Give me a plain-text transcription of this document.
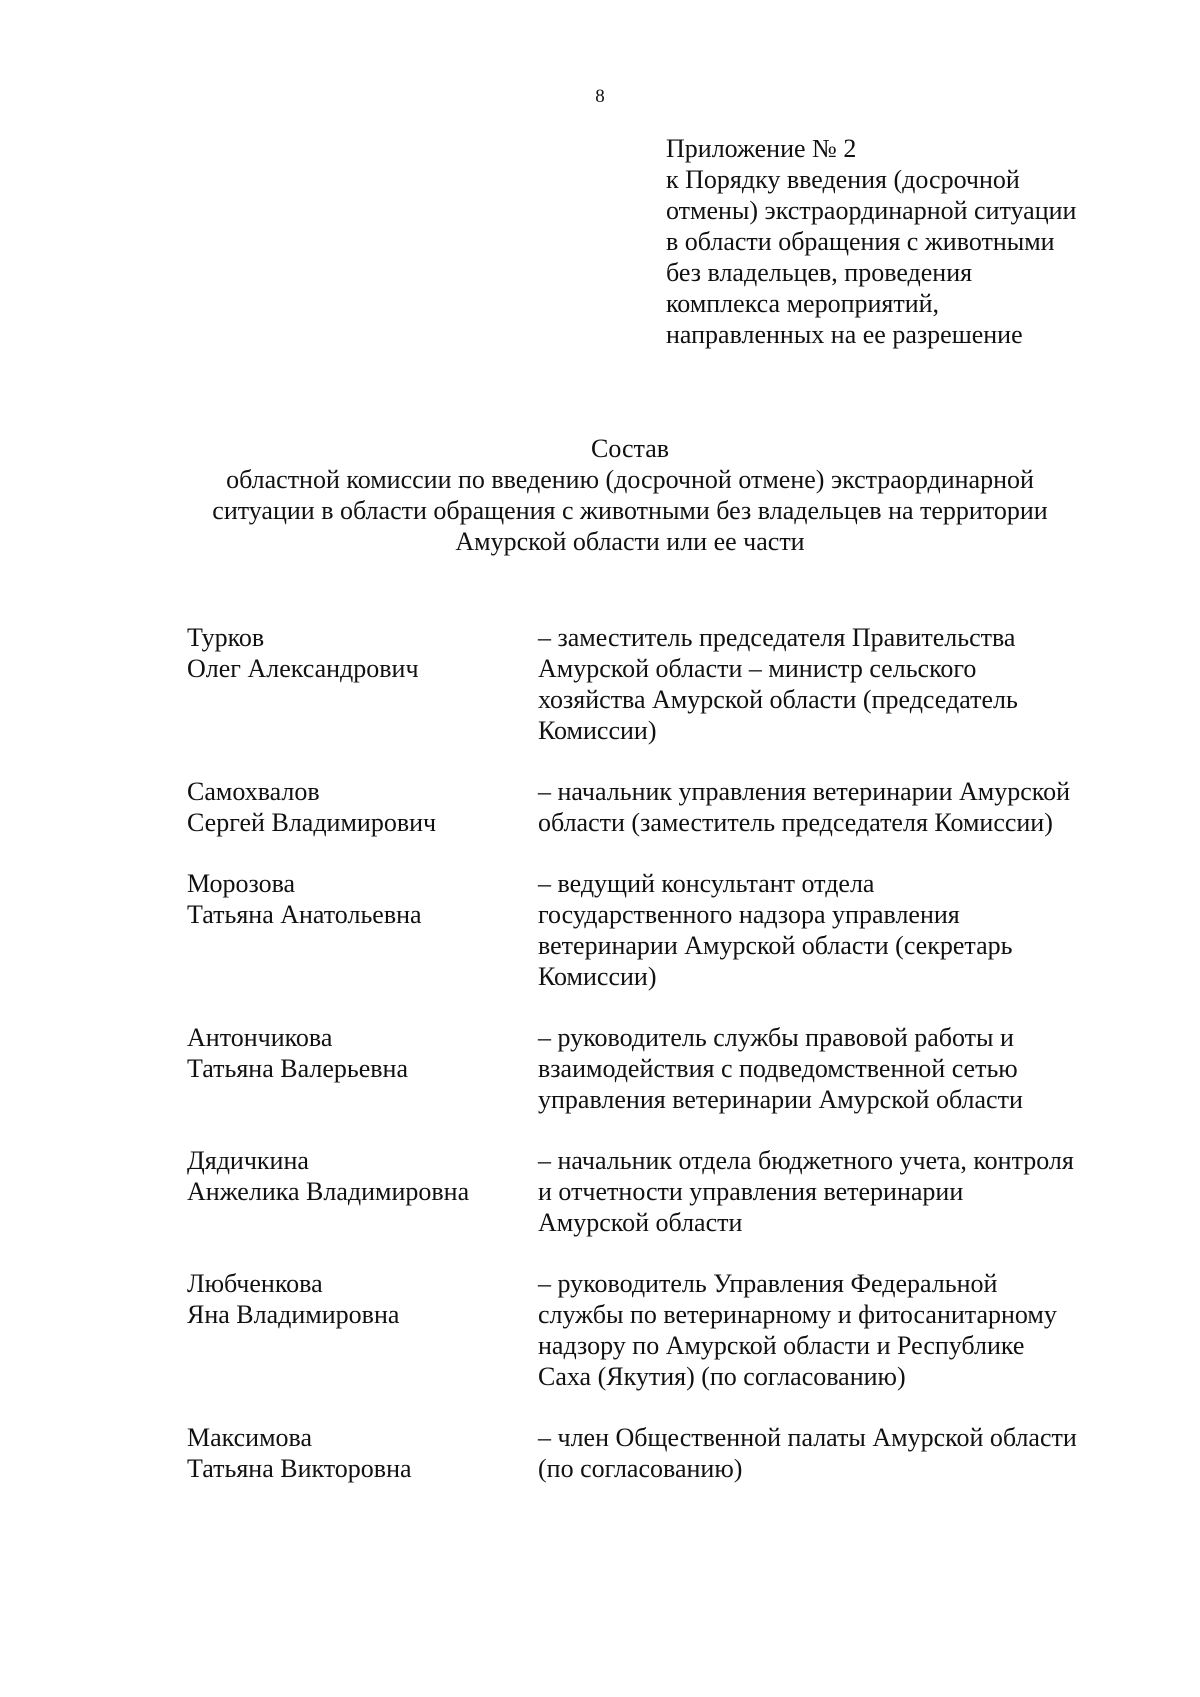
8
Приложение № 2
к Порядку введения (досрочной
отмены) экстраординарной ситуации
в области обращения с животными
без владельцев, проведения
комплекса мероприятий,
направленных на ее разрешение
Состав
областной комиссии по введению (досрочной отмене) экстраординарной
ситуации в области обращения с животными без владельцев на территории
Амурской области или ее части
Турков
Олег Александрович
– заместитель председателя Правительства
Амурской области – министр сельского
хозяйства Амурской области (председатель
Комиссии)
Самохвалов
Сергей Владимирович
– начальник управления ветеринарии Амурской
области (заместитель председателя Комиссии)
Морозова
Татьяна Анатольевна
– ведущий консультант отдела
государственного надзора управления
ветеринарии Амурской области (секретарь
Комиссии)
Антончикова
Татьяна Валерьевна
– руководитель службы правовой работы и
взаимодействия с подведомственной сетью
управления ветеринарии Амурской области
Дядичкина
Анжелика Владимировна
– начальник отдела бюджетного учета, контроля
и отчетности управления ветеринарии
Амурской области
Любченкова
Яна Владимировна
– руководитель Управления Федеральной
службы по ветеринарному и фитосанитарному
надзору по Амурской области и Республике
Саха (Якутия) (по согласованию)
Максимова
Татьяна Викторовна
– член Общественной палаты Амурской области
(по согласованию)
